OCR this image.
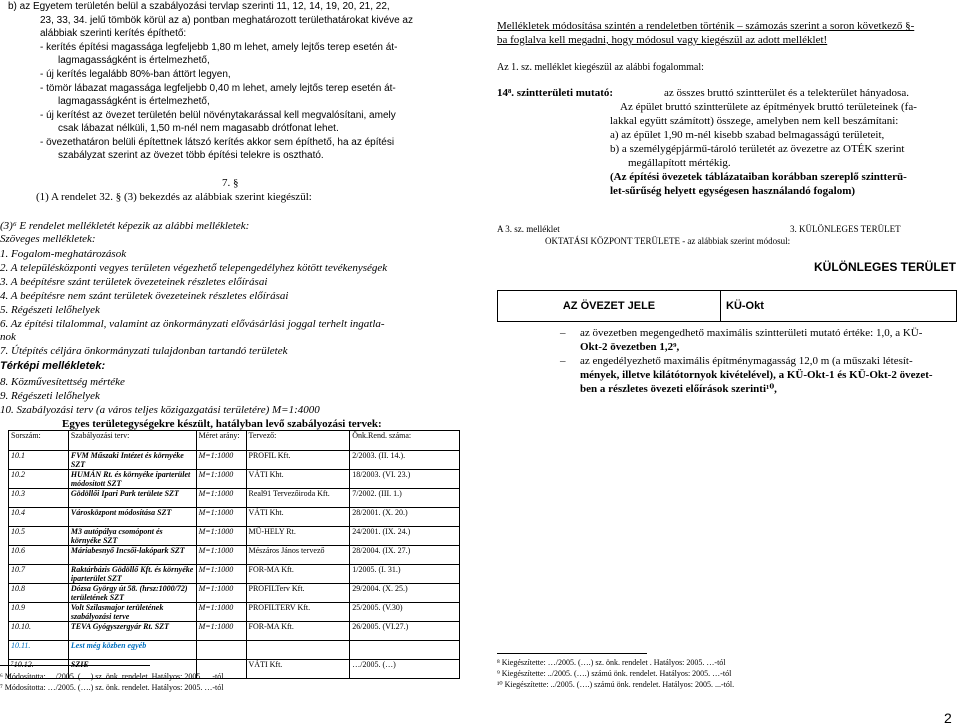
b) az Egyetem területén belül a szabályozási tervlap szerinti 11, 12, 14, 19, 20, 21, 22,
23, 33, 34. jelű tömbök körül az a) pontban meghatározott területhatárokat kivéve az
alábbiak szerinti kerítés építhető:
- kerítés építési magassága legfeljebb 1,80 m lehet, amely lejtős terep esetén át-
lagmagasságként is értelmezhető,
- új kerítés legalább 80%-ban áttört legyen,
- tömör lábazat magassága legfeljebb 0,40 m lehet, amely lejtős terep esetén át-
lagmagasságként is értelmezhető,
- új kerítést az övezet területén belül növénytakarással kell megvalósítani, amely
csak lábazat nélküli, 1,50 m-nél nem magasabb drótfonat lehet.
- övezethatáron belüli építettnek látszó kerítés akkor sem építhető, ha az építési
szabályzat szerint az övezet több építési telekre is osztható.
7. §
(1) A rendelet 32. § (3) bekezdés az alábbiak szerint kiegészül:
(3)⁶ E rendelet mellékletét képezik az alábbi mellékletek:
Szöveges mellékletek:
1. Fogalom-meghatározások
2. A településközponti vegyes területen végezhető telepengedélyhez kötött tevékenységek
3. A beépítésre szánt területek övezeteinek részletes előírásai
4. A beépítésre nem szánt területek övezeteinek részletes előírásai
5. Régészeti lelőhelyek
6. Az építési tilalommal, valamint az önkormányzati elővásárlási joggal terhelt ingatla-
nok
7. Útépítés céljára önkormányzati tulajdonban tartandó területek
Térképi mellékletek:
8. Közművesítettség mértéke
9. Régészeti lelőhelyek
10. Szabályozási terv (a város teljes közigazgatási területére) M=1:4000
Egyes területegységekre készült, hatályban levő szabályozási tervek:
Sorszám:	Szabályozási terv:	Méret arány:	Tervező:	Önk.Rend. száma:
10.1	FVM Műszaki Intézet és környéke SZT	M=1:1000	PROFIL Kft.	2/2003. (II. 14.).
10.2	HUMÁN Rt. és környéke iparterület módosított SZT	M=1:1000	VÁTI Kht.	18/2003. (VI. 23.)
10.3	Gödöllői Ipari Park területe SZT	M=1:1000	Real91 Tervezőiroda Kft.	7/2002. (III. 1.)
10.4	Városközpont módosítása SZT	M=1:1000	VÁTI Kht.	28/2001. (X. 20.)
10.5	M3 autópálya csomópont és környéke SZT	M=1:1000	MŰ-HELY Rt.	24/2001. (IX. 24.)
10.6	Máriabesnyő Incsői-lakópark SZT	M=1:1000	Mészáros János tervező	28/2004. (IX. 27.)
10.7	Raktárbázis Gödöllő Kft. és környéke iparterület SZT	M=1:1000	FOR-MA Kft.	1/2005. (I. 31.)
10.8	Dózsa György út 58. (hrsz:1000/72) területének SZT	M=1:1000	PROFILTerv Kft.	29/2004. (X. 25.)
10.9	Volt Szilasmajor területének szabályozási terve	M=1:1000	PROFILTERV Kft.	25/2005. (V.30)
10.10.	TEVA Gyógyszergyár Rt. SZT	M=1:1000	FOR-MA Kft.	26/2005. (VI.27.)
10.11.	Lest még közben egyéb			
⁷10.12.	SZIE		VÁTI Kft.	…/2005. (…)
⁶ Módosította: …/2005. (….) sz. önk. rendelet. Hatályos: 2005. …-tól
⁷ Módosította: …/2005. (….) sz. önk. rendelet. Hatályos: 2005. …-tól
Mellékletek módosítása szintén a rendeletben történik – számozás szerint a soron következő §-
ba foglalva kell megadni, hogy módosul vagy kiegészül az adott melléklet!
Az 1. sz. melléklet kiegészül az alábbi fogalommal:
14⁸. szintterületi mutató:	az összes bruttó szintterület és a telekterület hányadosa.
Az épület bruttó szintterülete az építmények bruttó területeinek (fa-
lakkal együtt számított) összege, amelyben nem kell beszámítani:
a) az épület 1,90 m-nél kisebb szabad belmagasságú területeit,
b) a személygépjármű-tároló területét az övezetre az OTÉK szerint
megállapított mértékig.
(Az építési övezetek táblázataiban korábban szereplő szintterü-
let-sűrűség helyett egységesen használandó fogalom)
A 3. sz. melléklet	3. KÜLÖNLEGES TERÜLET
OKTATÁSI KÖZPONT TERÜLETE - az alábbiak szerint módosul:
KÜLÖNLEGES TERÜLET
AZ ÖVEZET JELE	KÜ-Okt
– az övezetben megengedhető maximális szintterületi mutató értéke: 1,0, a KÜ-
Okt-2 övezetben 1,2⁹,
– az engedélyezhető maximális építménymagasság 12,0 m (a műszaki létesít-
mények, illetve kilátótornyok kivételével), a KÜ-Okt-1 és KÜ-Okt-2 övezet-
ben a részletes övezeti előírások szerinti¹⁰,
⁸ Kiegészítette: …/2005. (….) sz. önk. rendelet . Hatályos: 2005. …-tól
⁹ Kiegészítette: ../2005. (….) számú önk. rendelet. Hatályos: 2005. …-tól
¹⁰ Kiegészítette: ../2005. (….) számú önk. rendelet. Hatályos: 2005. ...-tól.
2
